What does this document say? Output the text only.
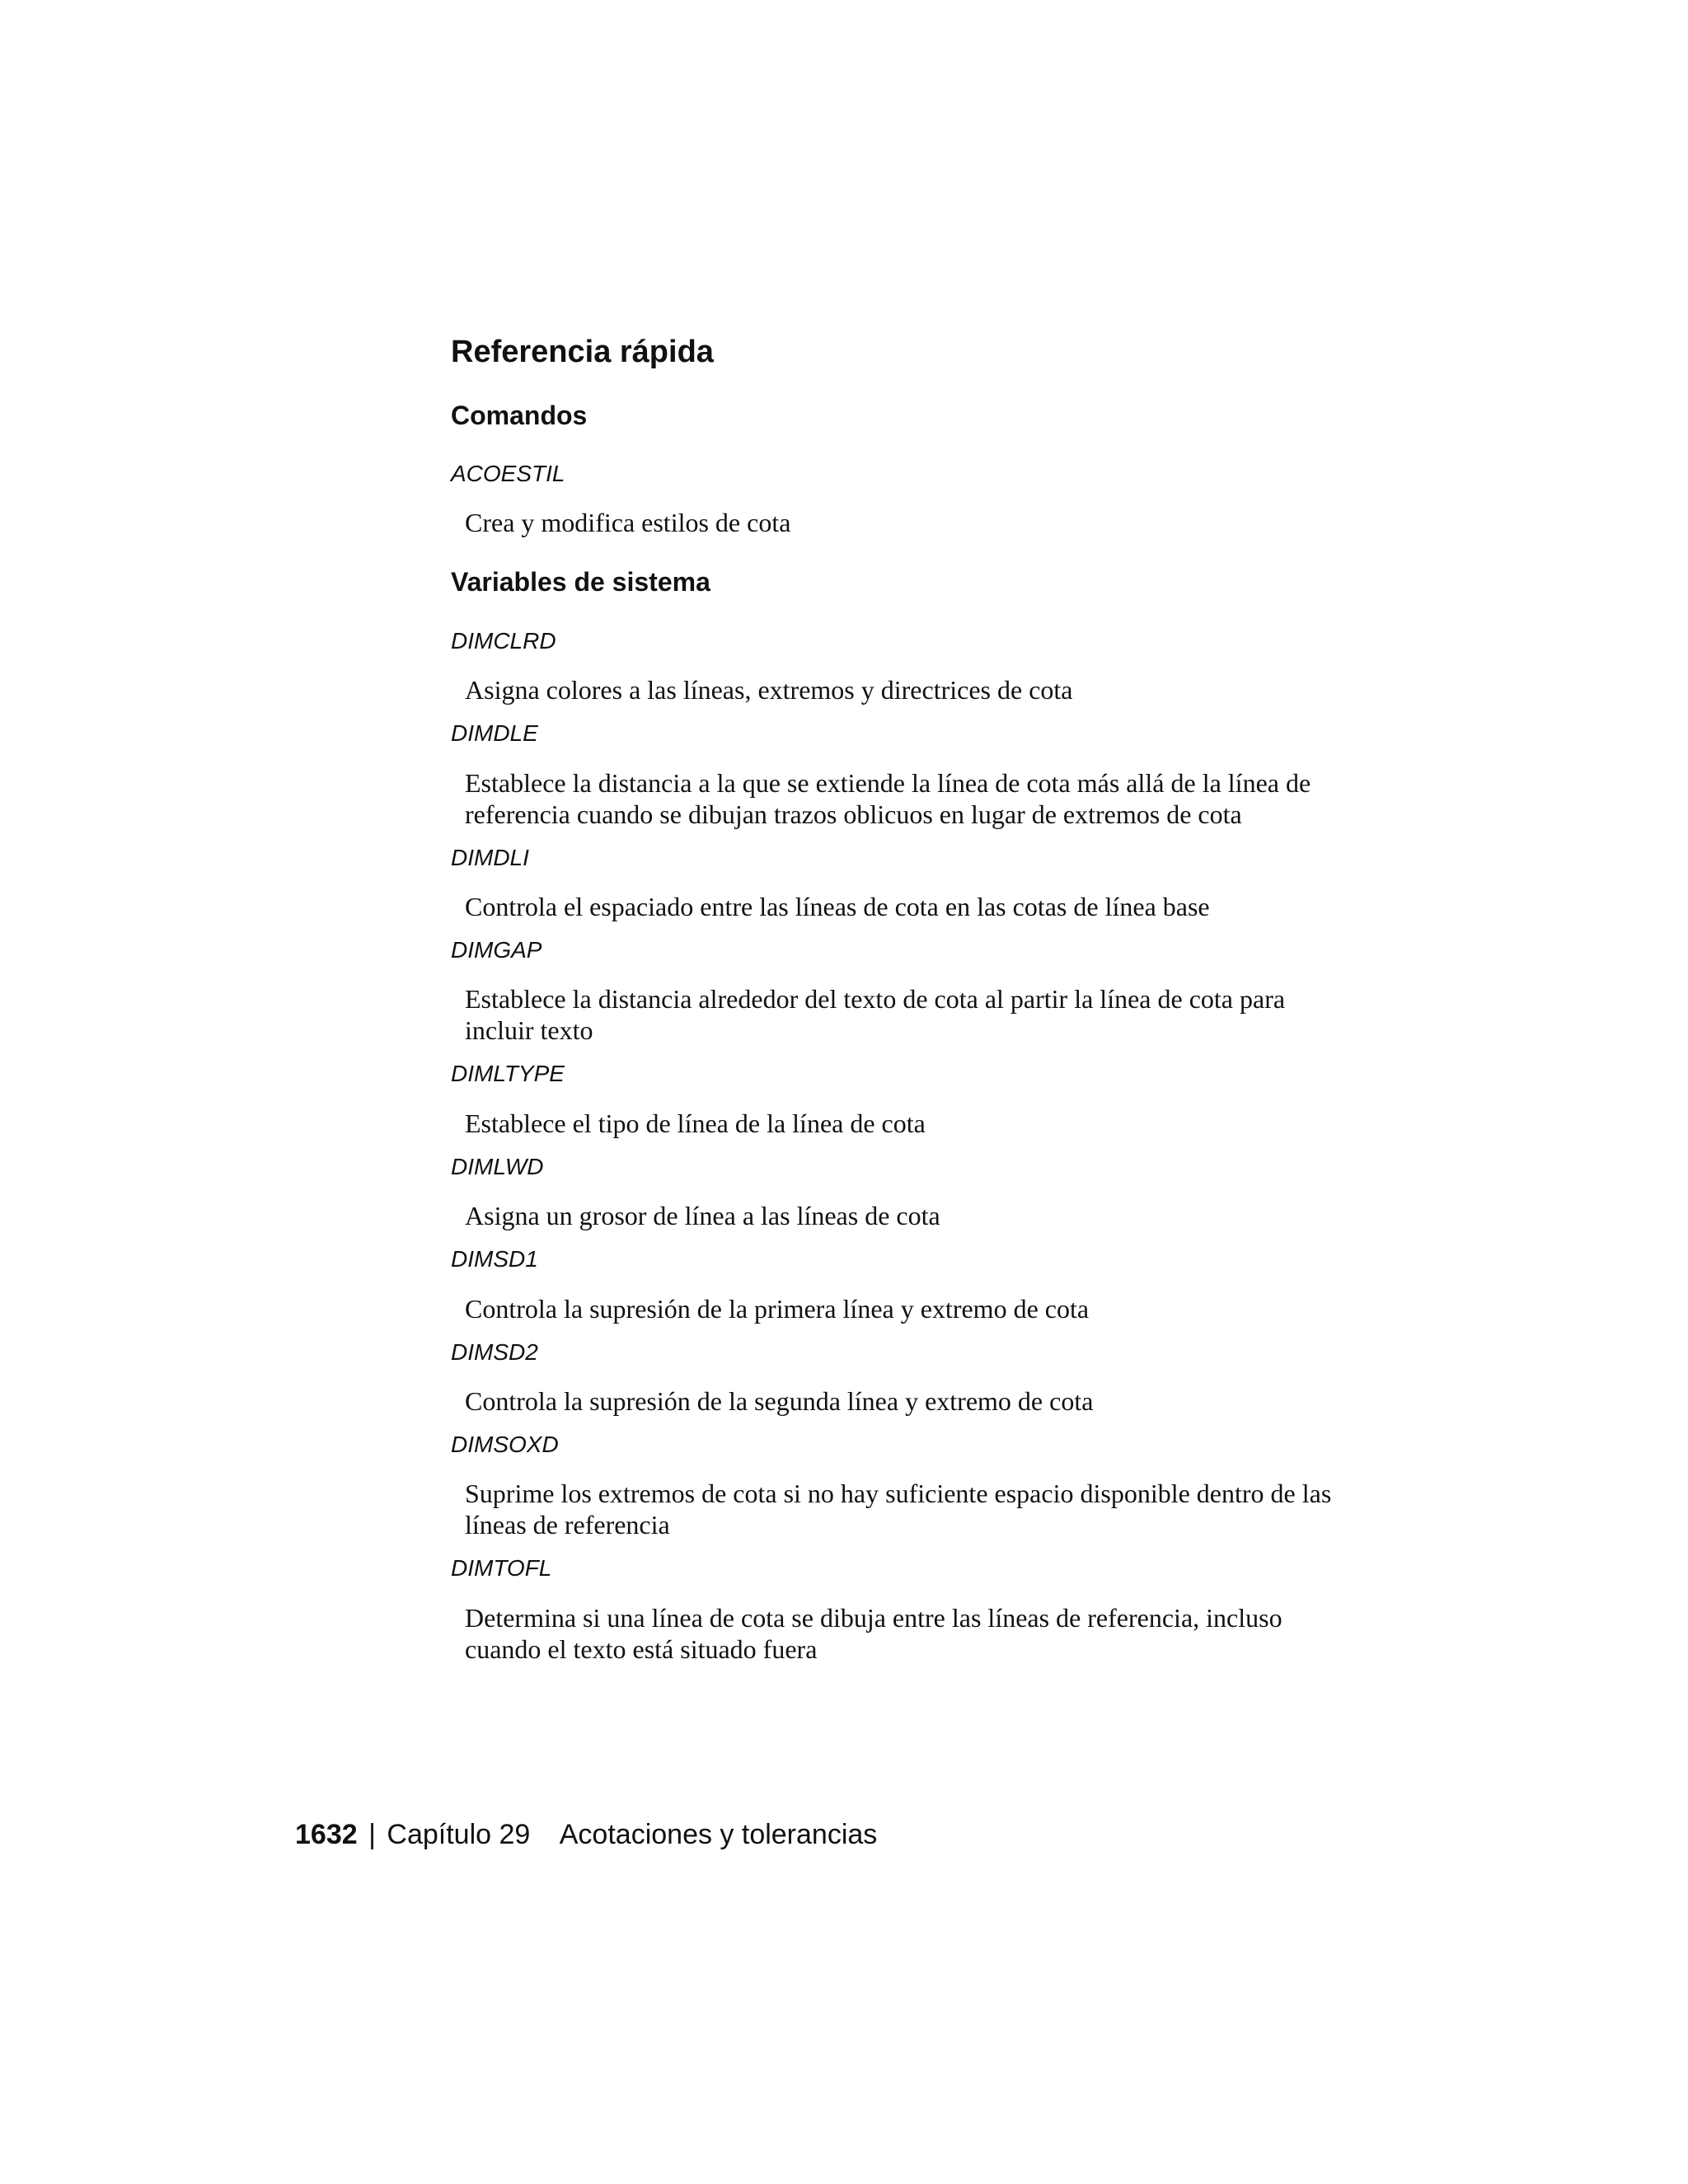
Referencia rápida
Comandos
ACOESTIL
Crea y modifica estilos de cota
Variables de sistema
DIMCLRD
Asigna colores a las líneas, extremos y directrices de cota
DIMDLE
Establece la distancia a la que se extiende la línea de cota más allá de la línea de referencia cuando se dibujan trazos oblicuos en lugar de extremos de cota
DIMDLI
Controla el espaciado entre las líneas de cota en las cotas de línea base
DIMGAP
Establece la distancia alrededor del texto de cota al partir la línea de cota para incluir texto
DIMLTYPE
Establece el tipo de línea de la línea de cota
DIMLWD
Asigna un grosor de línea a las líneas de cota
DIMSD1
Controla la supresión de la primera línea y extremo de cota
DIMSD2
Controla la supresión de la segunda línea y extremo de cota
DIMSOXD
Suprime los extremos de cota si no hay suficiente espacio disponible dentro de las líneas de referencia
DIMTOFL
Determina si una línea de cota se dibuja entre las líneas de referencia, incluso cuando el texto está situado fuera
1632 | Capítulo 29 Acotaciones y tolerancias
